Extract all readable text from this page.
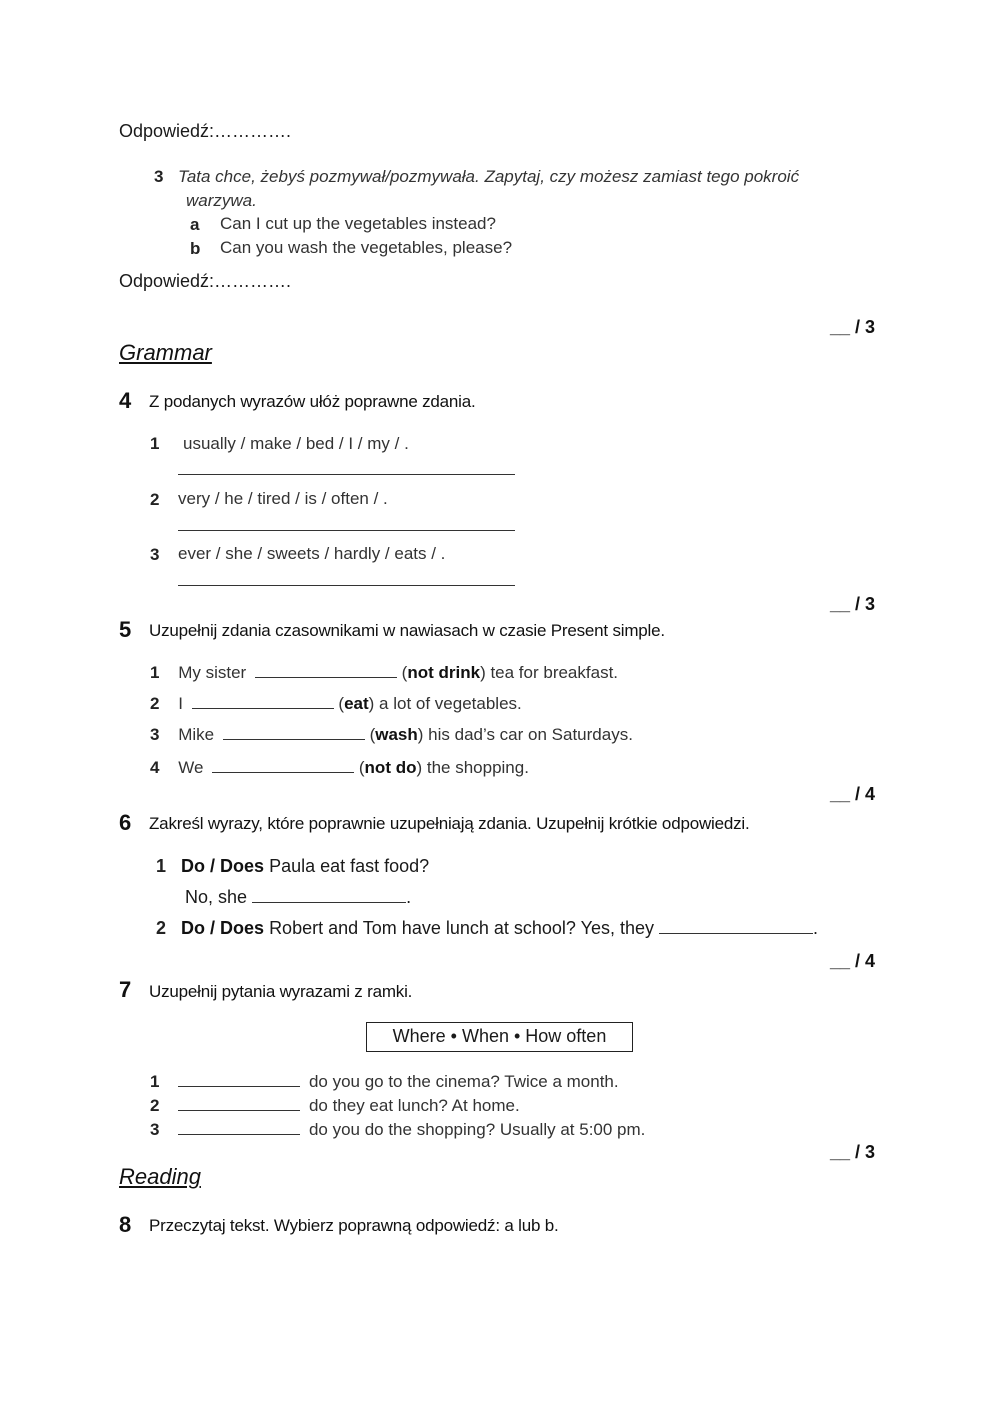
Odpowiedź:………….
3 Tata chce, żebyś pozmywał/pozmywała. Zapytaj, czy możesz zamiast tego pokroić
warzywa.
a Can I cut up the vegetables instead?
b Can you wash the vegetables, please?
Odpowiedź:………….
__ / 3
Grammar
4 Z podanych wyrazów ułóż poprawne zdania.
1 usually / make / bed / I / my / .
2 very / he / tired / is / often / .
3 ever / she / sweets / hardly / eats / .
__ / 3
5 Uzupełnij zdania czasownikami w nawiasach w czasie Present simple.
1 My sister	(not drink) tea for breakfast.
2 I	(eat) a lot of vegetables.
3 Mike	(wash) his dad’s car on Saturdays.
4 We	(not do) the shopping.
__ / 4
6 Zakreśl wyrazy, które poprawnie uzupełniają zdania. Uzupełnij krótkie odpowiedzi.
1 Do / Does Paula eat fast food?
No, she	.
2 Do / Does Robert and Tom have lunch at school? Yes, they	.
__ / 4
7 Uzupełnij pytania wyrazami z ramki.
Where • When • How often
1	do you go to the cinema? Twice a month.
2	do they eat lunch? At home.
3	do you do the shopping? Usually at 5:00 pm.
__ / 3
Reading
8 Przeczytaj tekst. Wybierz poprawną odpowiedź: a lub b.
